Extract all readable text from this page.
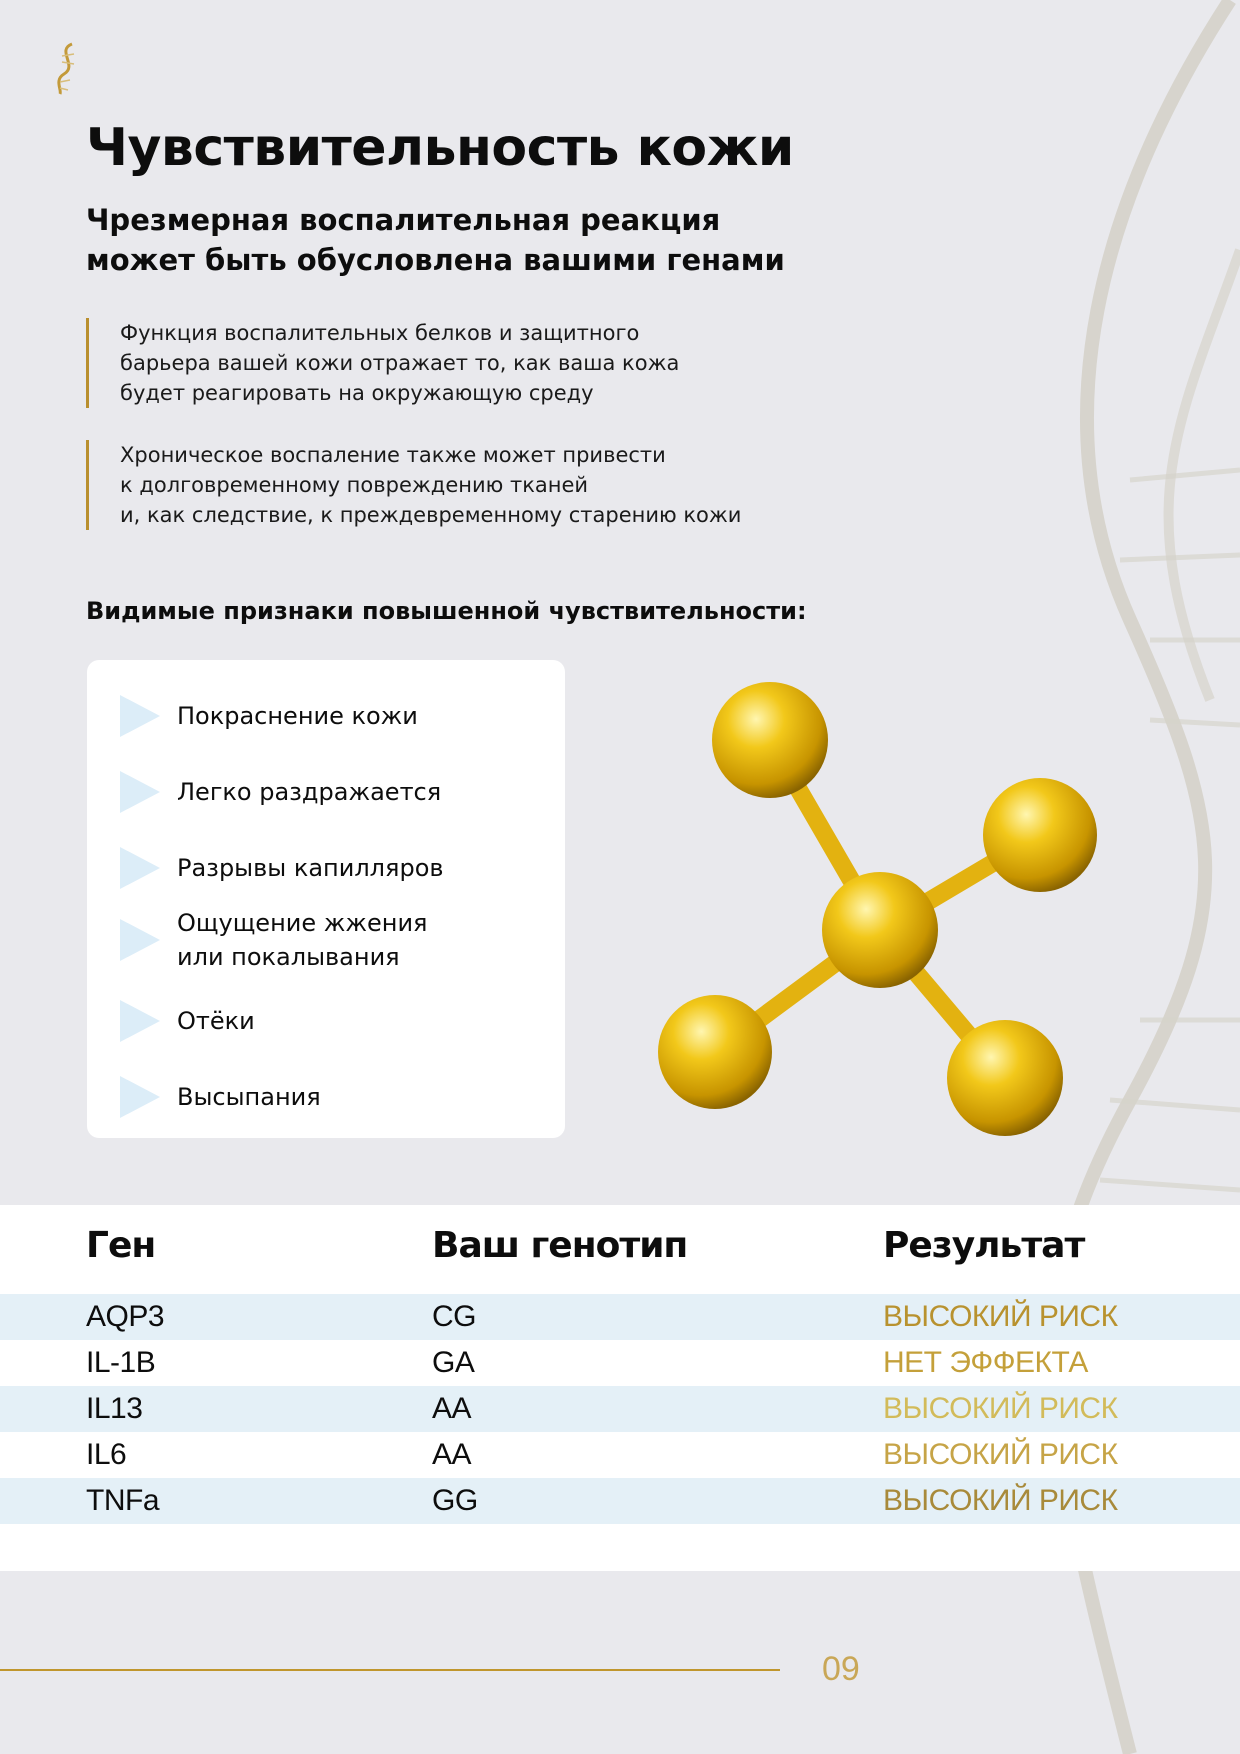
Чувствительность кожи
Чрезмерная воспалительная реакция
может быть обусловлена вашими генами
Функция воспалительных белков и защитного
барьера вашей кожи отражает то, как ваша кожа
будет реагировать на окружающую среду
Хроническое воспаление также может привести
к долговременному повреждению тканей
и, как следствие, к преждевременному старению кожи
Видимые признаки повышенной чувствительности:
Покраснение кожи
Легко раздражается
Разрывы капилляров
Ощущение жжения
или покалывания
Отёки
Высыпания
Ген	Ваш генотип	Результат
AQP3	CG	ВЫСОКИЙ РИСК
IL-1B	GA	НЕТ ЭФФЕКТА
IL13	AA	ВЫСОКИЙ РИСК
IL6	AA	ВЫСОКИЙ РИСК
TNFa	GG	ВЫСОКИЙ РИСК
09
